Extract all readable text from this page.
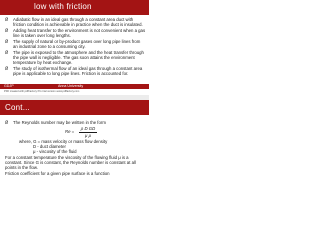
low with friction
Ø Adiabatic flow in an ideal gas through a constant area duct with friction condition is achievable in practice when the duct is insulated.
Ø Adding heat transfer to the environment is not convenient when a gas line is taken over long lengths.
Ø The supply of natural or by-product gases over long pipe lines from an industrial zone to a consuming city.
Ø The pipe is exposed to the atmosphere and the heat transfer through the pipe wall is negligible. The gas soon attains the environment temperature by heat exchange.
Ø The study of isothermal flow of an ideal gas through a constant area pipe is applicable to long pipe lines. Friction is accounted for.
GDJP	Anna University
PDF created with pdfFactory Pro trial version www.pdffactory.com
Cont...
Ø The Reynolds number may be written in the form
Re =
ρ D GD
μ μ
where, G = mass velocity or mass flow density
D - duct diameter
μ - viscosity of the fluid
For a constant temperature the viscosity of the flowing fluid μ is a constant. Since G is constant, the Reynolds number is constant at all points in the flow.
Friction coefficient for a given pipe surface is a function
